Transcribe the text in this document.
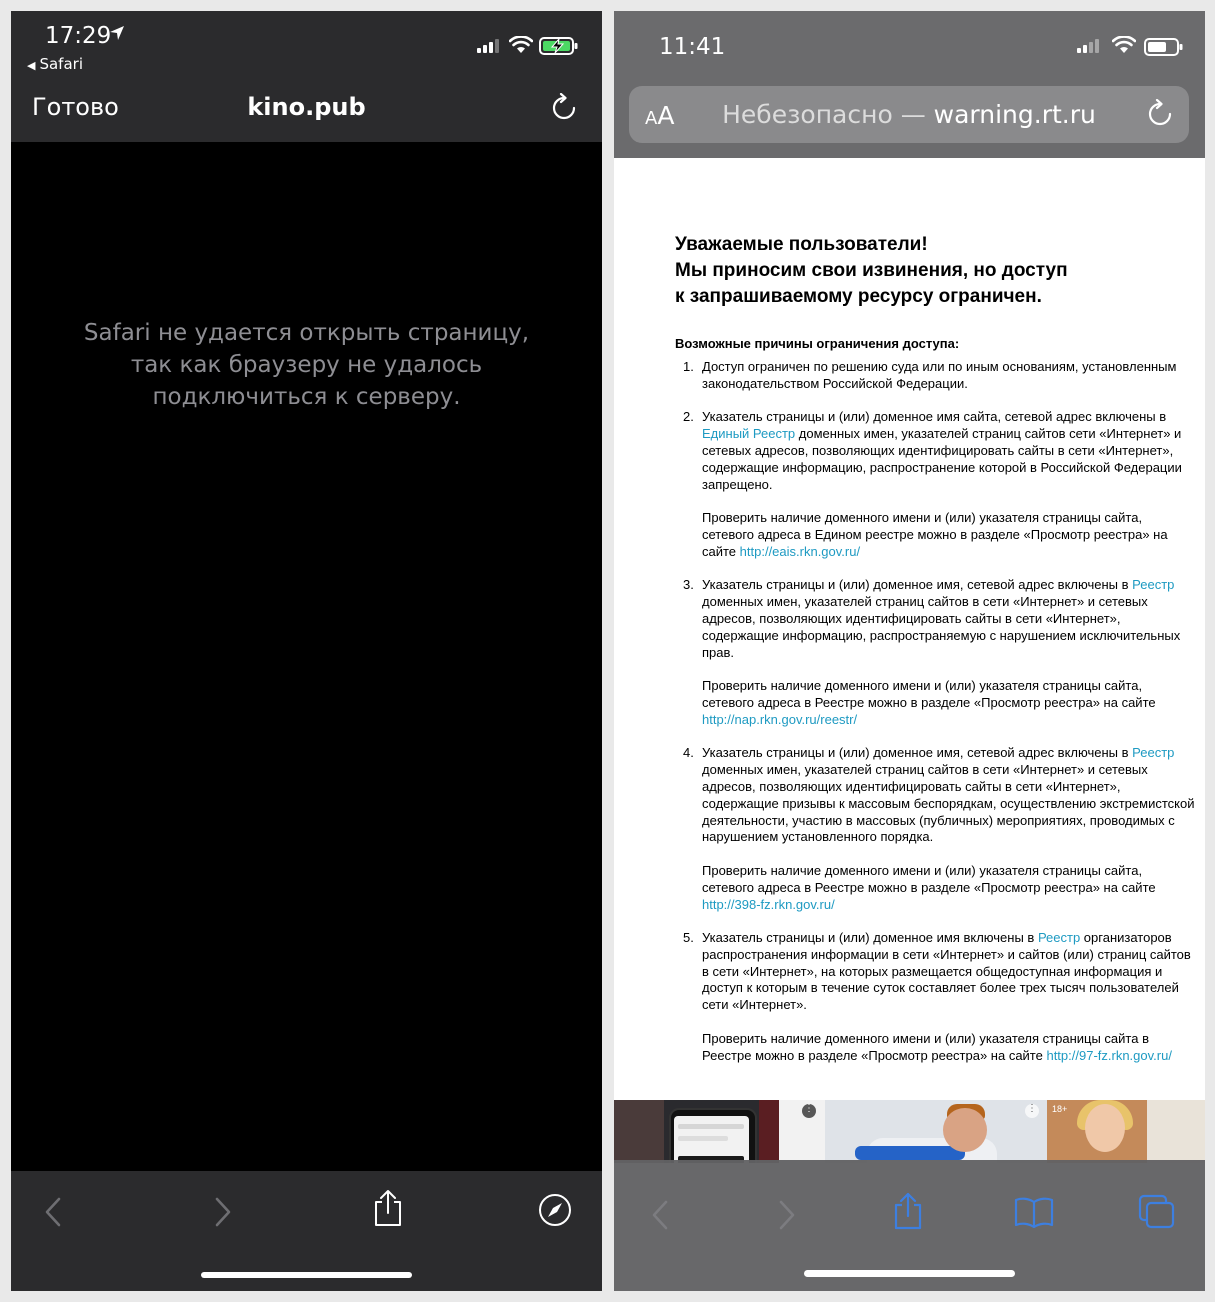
17:29
◀ Safari
Готово	kino.pub
Safari не удается открыть страницу, так как браузеру не удалось подключиться к серверу.
11:41
AA	Небезопасно — warning.rt.ru
Уважаемые пользователи!
Мы приносим свои извинения, но доступ
к запрашиваемому ресурсу ограничен.
Возможные причины ограничения доступа:
1. Доступ ограничен по решению суда или по иным основаниям, установленным законодательством Российской Федерации.

2. Указатель страницы и (или) доменное имя сайта, сетевой адрес включены в Единый Реестр доменных имен, указателей страниц сайтов сети «Интернет» и сетевых адресов, позволяющих идентифицировать сайты в сети «Интернет», содержащие информацию, распространение которой в Российской Федерации запрещено.

Проверить наличие доменного имени и (или) указателя страницы сайта, сетевого адреса в Едином реестре можно в разделе «Просмотр реестра» на сайте http://eais.rkn.gov.ru/

3. Указатель страницы и (или) доменное имя, сетевой адрес включены в Реестр доменных имен, указателей страниц сайтов в сети «Интернет» и сетевых адресов, позволяющих идентифицировать сайты в сети «Интернет», содержащие информацию, распространяемую с нарушением исключительных прав.

Проверить наличие доменного имени и (или) указателя страницы сайта, сетевого адреса в Реестре можно в разделе «Просмотр реестра» на сайте http://nap.rkn.gov.ru/reestr/

4. Указатель страницы и (или) доменное имя, сетевой адрес включены в Реестр доменных имен, указателей страниц сайтов в сети «Интернет» и сетевых адресов, позволяющих идентифицировать сайты в сети «Интернет», содержащие призывы к массовым беспорядкам, осуществлению экстремистской деятельности, участию в массовых (публичных) мероприятиях, проводимых с нарушением установленного порядка.

Проверить наличие доменного имени и (или) указателя страницы сайта, сетевого адреса в Реестре можно в разделе «Просмотр реестра» на сайте http://398-fz.rkn.gov.ru/

5. Указатель страницы и (или) доменное имя включены в Реестр организаторов распространения информации в сети «Интернет» и сайтов (или) страниц сайтов в сети «Интернет», на которых размещается общедоступная информация и доступ к которым в течение суток составляет более трех тысяч пользователей сети «Интернет».

Проверить наличие доменного имени и (или) указателя страницы сайта в Реестре можно в разделе «Просмотр реестра» на сайте http://97-fz.rkn.gov.ru/

⋮	⋮ 18+
